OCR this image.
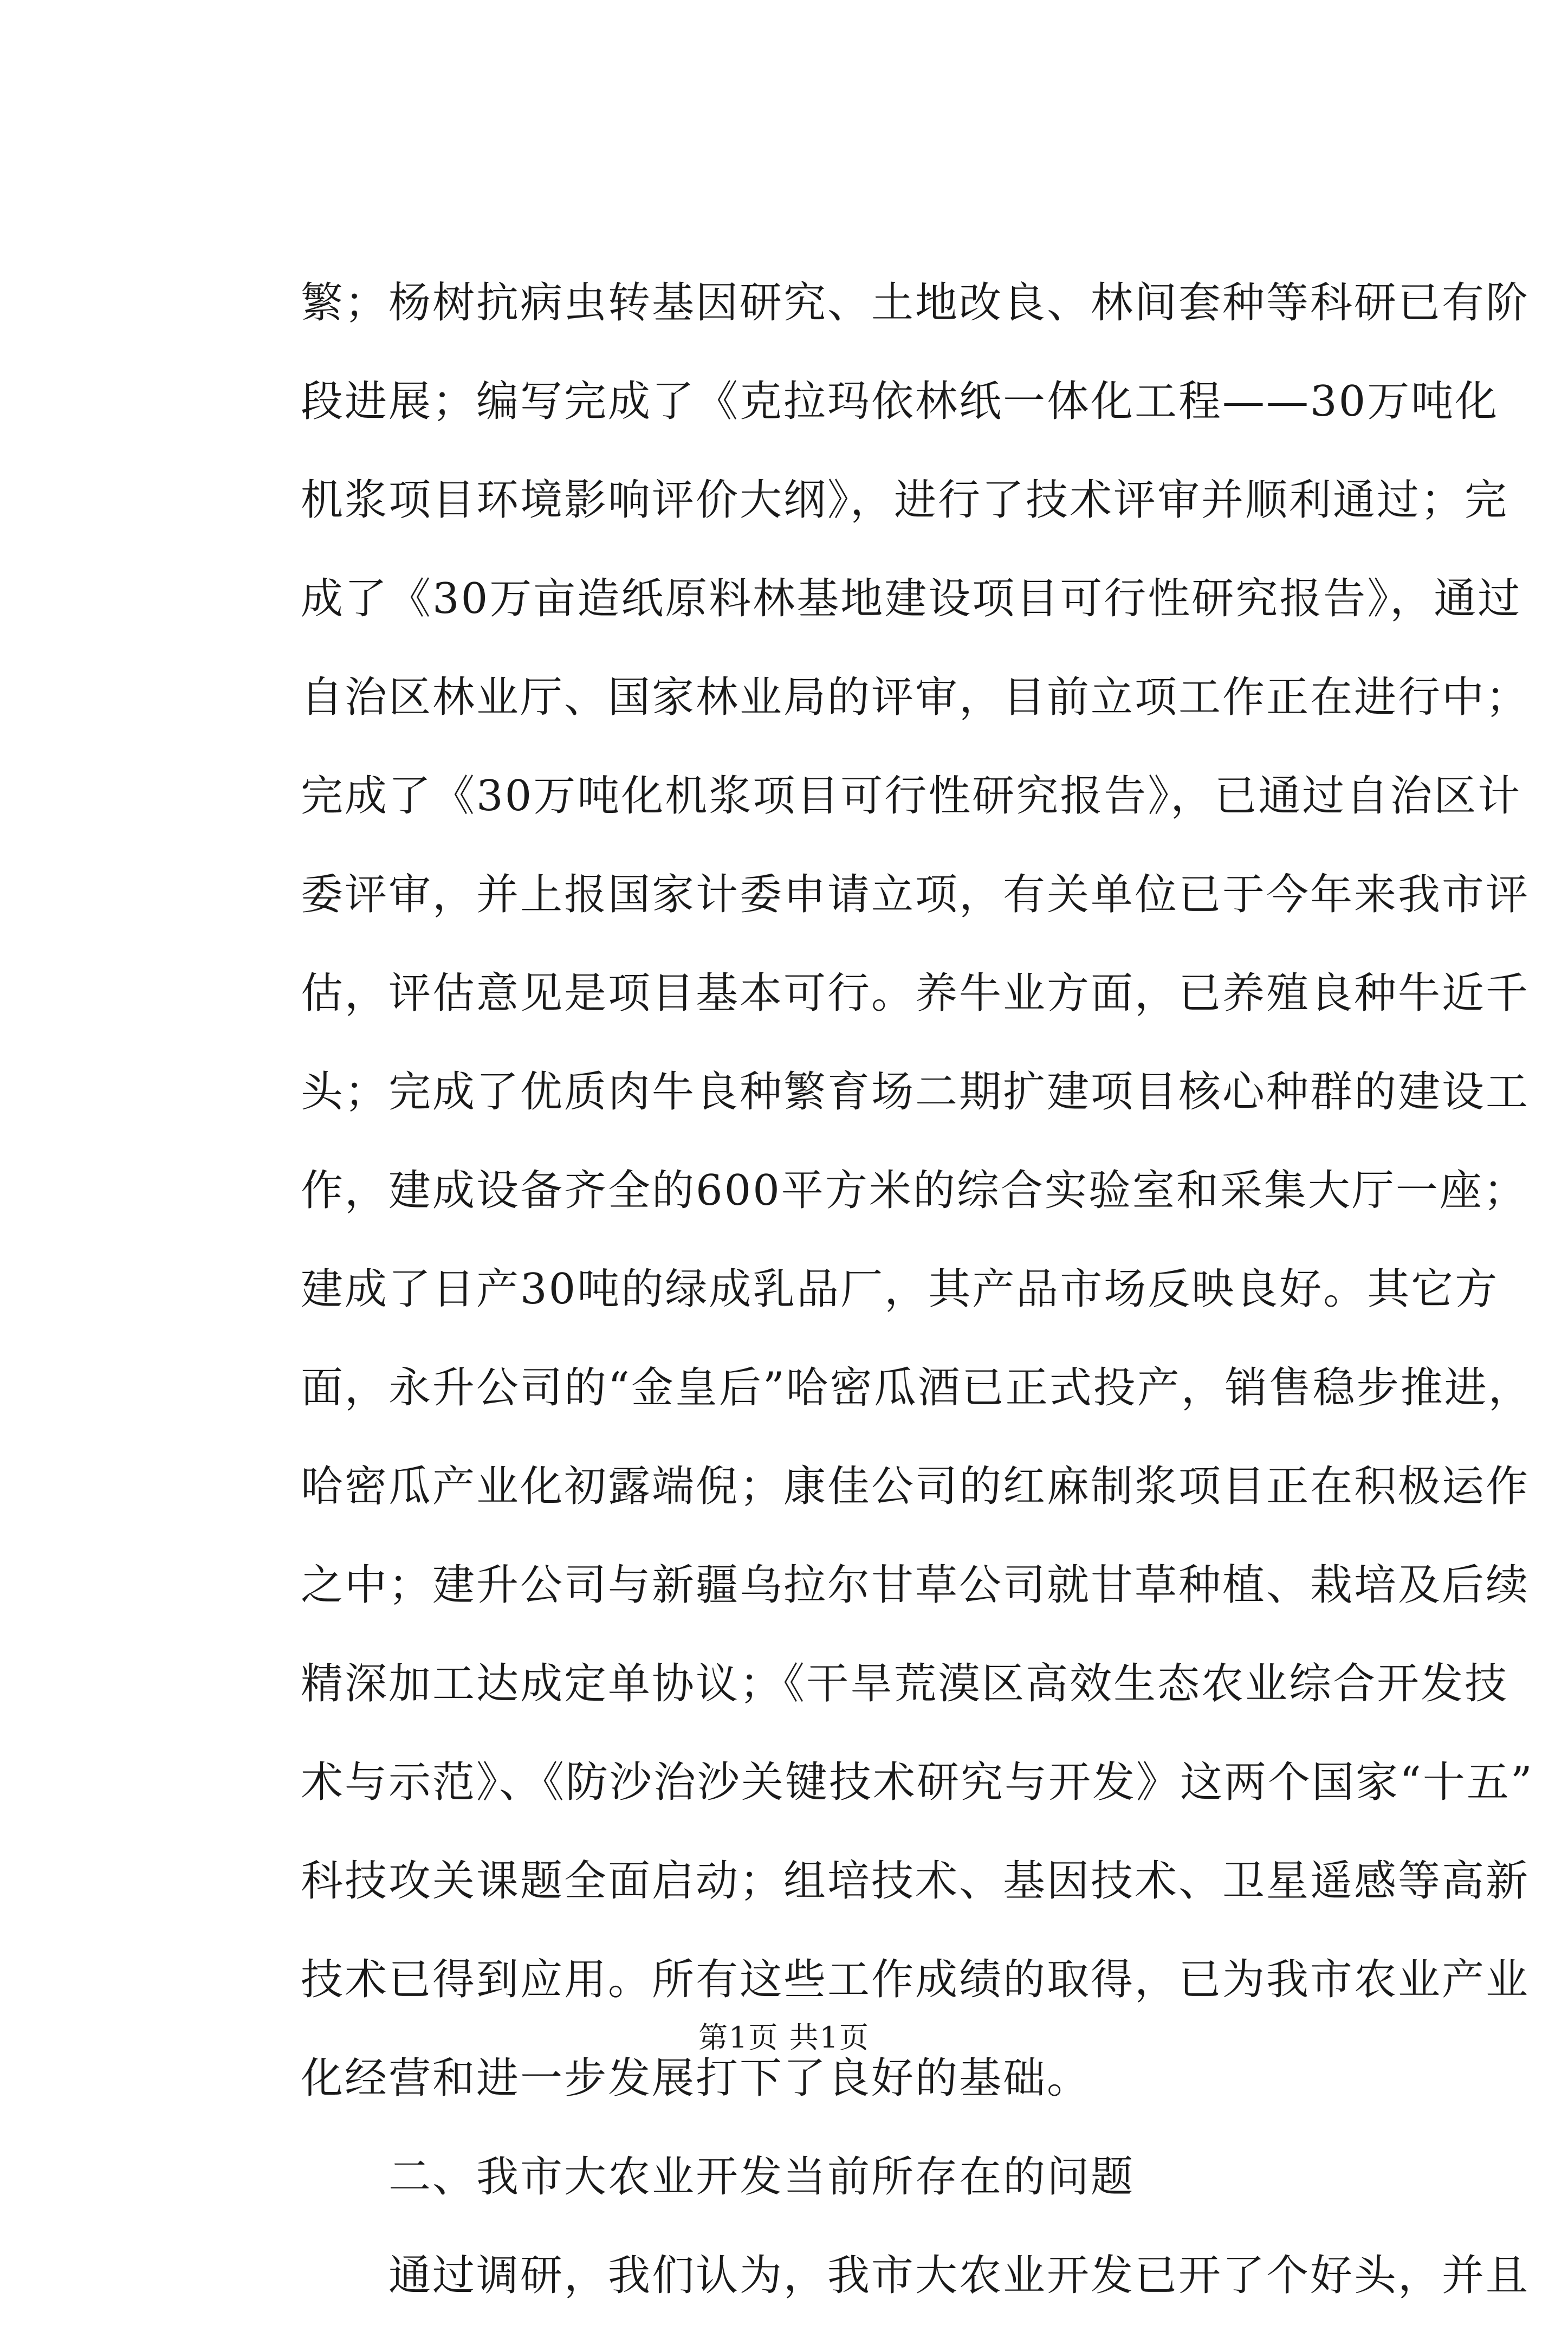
繁；杨树抗病虫转基因研究、土地改良、林间套种等科研已有阶
段进展；编写完成了《克拉玛依林纸一体化工程——30万吨化
机浆项目环境影响评价大纲》，进行了技术评审并顺利通过；完
成了《30万亩造纸原料林基地建设项目可行性研究报告》，通过
自治区林业厅、国家林业局的评审，目前立项工作正在进行中；
完成了《30万吨化机浆项目可行性研究报告》，已通过自治区计
委评审，并上报国家计委申请立项，有关单位已于今年来我市评
估，评估意见是项目基本可行。养牛业方面，已养殖良种牛近千
头；完成了优质肉牛良种繁育场二期扩建项目核心种群的建设工
作，建成设备齐全的600平方米的综合实验室和采集大厅一座；
建成了日产30吨的绿成乳品厂，其产品市场反映良好。其它方
面，永升公司的“金皇后”哈密瓜酒已正式投产，销售稳步推进，
哈密瓜产业化初露端倪；康佳公司的红麻制浆项目正在积极运作
之中；建升公司与新疆乌拉尔甘草公司就甘草种植、栽培及后续
精深加工达成定单协议；《干旱荒漠区高效生态农业综合开发技
术与示范》、《防沙治沙关键技术研究与开发》这两个国家“十五”
科技攻关课题全面启动；组培技术、基因技术、卫星遥感等高新
技术已得到应用。所有这些工作成绩的取得，已为我市农业产业
化经营和进一步发展打下了良好的基础。
二、我市大农业开发当前所存在的问题
通过调研，我们认为，我市大农业开发已开了个好头，并且
第1页 共1页
